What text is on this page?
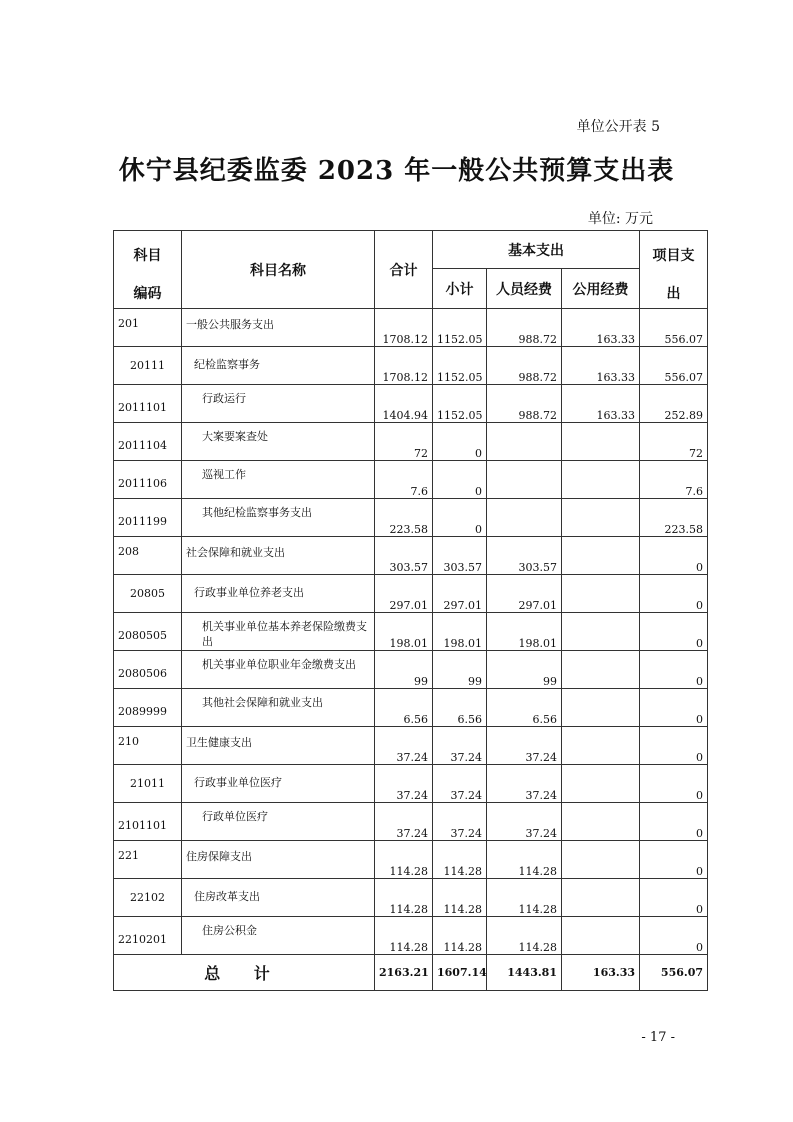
单位公开表 5
休宁县纪委监委 2023 年一般公共预算支出表
单位: 万元
科目
编码	科目名称	合计	基本支出			项目支
出

			小计	人员经费	公用经费	
201	一般公共服务支出	1708.12	1152.05	988.72	163.33	556.07
20111	纪检监察事务	1708.12	1152.05	988.72	163.33	556.07
2011101	行政运行	1404.94	1152.05	988.72	163.33	252.89
2011104	大案要案查处	72	0			72
2011106	巡视工作	7.6	0			7.6
2011199	其他纪检监察事务支出	223.58	0			223.58
208	社会保障和就业支出	303.57	303.57	303.57		0
20805	行政事业单位养老支出	297.01	297.01	297.01		0
2080505	机关事业单位基本养老保险缴费支出	198.01	198.01	198.01		0
2080506	机关事业单位职业年金缴费支出	99	99	99		0
2089999	其他社会保障和就业支出	6.56	6.56	6.56		0
210	卫生健康支出	37.24	37.24	37.24		0
21011	行政事业单位医疗	37.24	37.24	37.24		0
2101101	行政单位医疗	37.24	37.24	37.24		0
221	住房保障支出	114.28	114.28	114.28		0
22102	住房改革支出	114.28	114.28	114.28		0
2210201	住房公积金	114.28	114.28	114.28		0
总 计		2163.21	1607.14	1443.81	163.33	556.07
- 17 -
